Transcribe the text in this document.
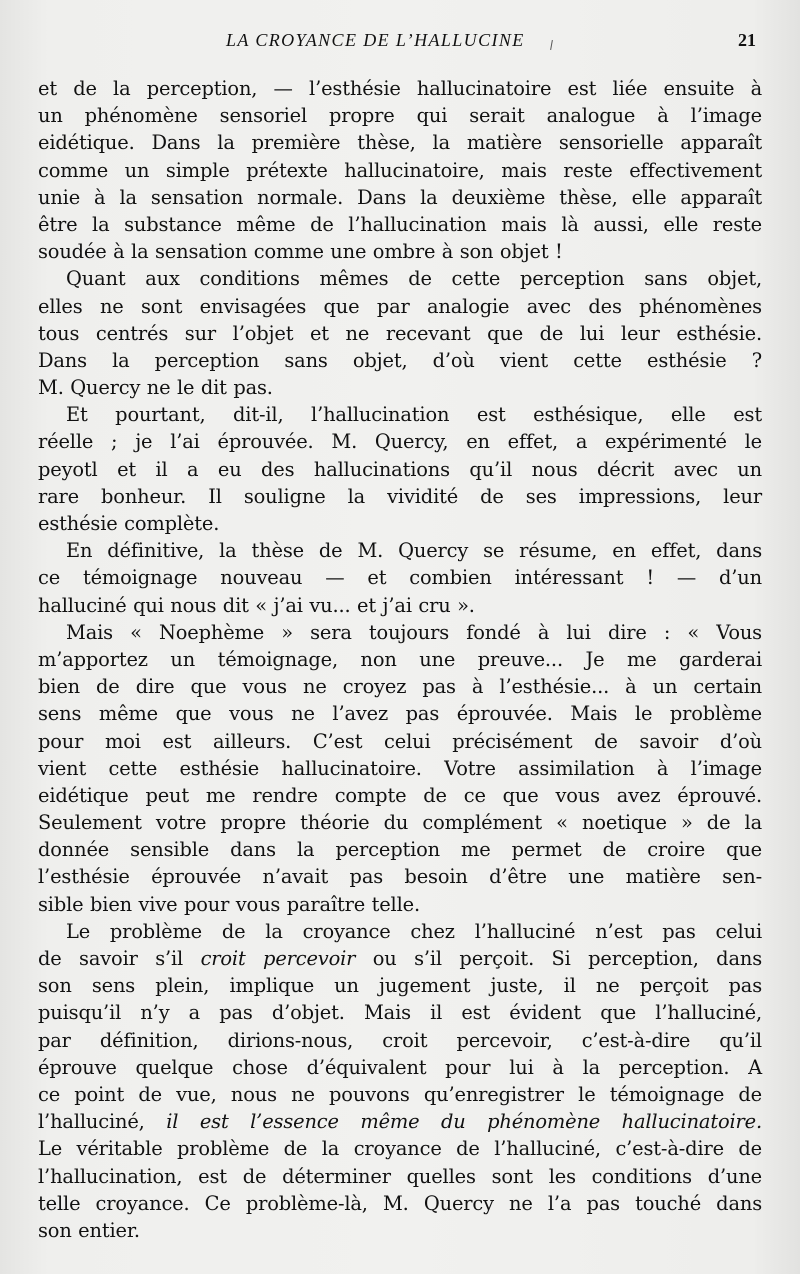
LA CROYANCE DE L’HALLUCINE	21
et de la perception, — l’esthésie hallucinatoire est liée ensuite à
un phénomène sensoriel propre qui serait analogue à l’image
eidétique. Dans la première thèse, la matière sensorielle apparaît
comme un simple prétexte hallucinatoire, mais reste effectivement
unie à la sensation normale. Dans la deuxième thèse, elle apparaît
être la substance même de l’hallucination mais là aussi, elle reste
soudée à la sensation comme une ombre à son objet !
Quant aux conditions mêmes de cette perception sans objet,
elles ne sont envisagées que par analogie avec des phénomènes
tous centrés sur l’objet et ne recevant que de lui leur esthésie.
Dans la perception sans objet, d’où vient cette esthésie ?
M. Quercy ne le dit pas.
Et pourtant, dit-il, l’hallucination est esthésique, elle est
réelle ; je l’ai éprouvée. M. Quercy, en effet, a expérimenté le
peyotl et il a eu des hallucinations qu’il nous décrit avec un
rare bonheur. Il souligne la vividité de ses impressions, leur
esthésie complète.
En définitive, la thèse de M. Quercy se résume, en effet, dans
ce témoignage nouveau — et combien intéressant ! — d’un
halluciné qui nous dit « j’ai vu... et j’ai cru ».
Mais « Noephème » sera toujours fondé à lui dire : « Vous
m’apportez un témoignage, non une preuve... Je me garderai
bien de dire que vous ne croyez pas à l’esthésie... à un certain
sens même que vous ne l’avez pas éprouvée. Mais le problème
pour moi est ailleurs. C’est celui précisément de savoir d’où
vient cette esthésie hallucinatoire. Votre assimilation à l’image
eidétique peut me rendre compte de ce que vous avez éprouvé.
Seulement votre propre théorie du complément « noetique » de la
donnée sensible dans la perception me permet de croire que
l’esthésie éprouvée n’avait pas besoin d’être une matière sen-
sible bien vive pour vous paraître telle.
Le problème de la croyance chez l’halluciné n’est pas celui
de savoir s’il croit percevoir ou s’il perçoit. Si perception, dans
son sens plein, implique un jugement juste, il ne perçoit pas
puisqu’il n’y a pas d’objet. Mais il est évident que l’halluciné,
par définition, dirions-nous, croit percevoir, c’est-à-dire qu’il
éprouve quelque chose d’équivalent pour lui à la perception. A
ce point de vue, nous ne pouvons qu’enregistrer le témoignage de
l’halluciné, il est l’essence même du phénomène hallucinatoire.
Le véritable problème de la croyance de l’halluciné, c’est-à-dire de
l’hallucination, est de déterminer quelles sont les conditions d’une
telle croyance. Ce problème-là, M. Quercy ne l’a pas touché dans
son entier.
